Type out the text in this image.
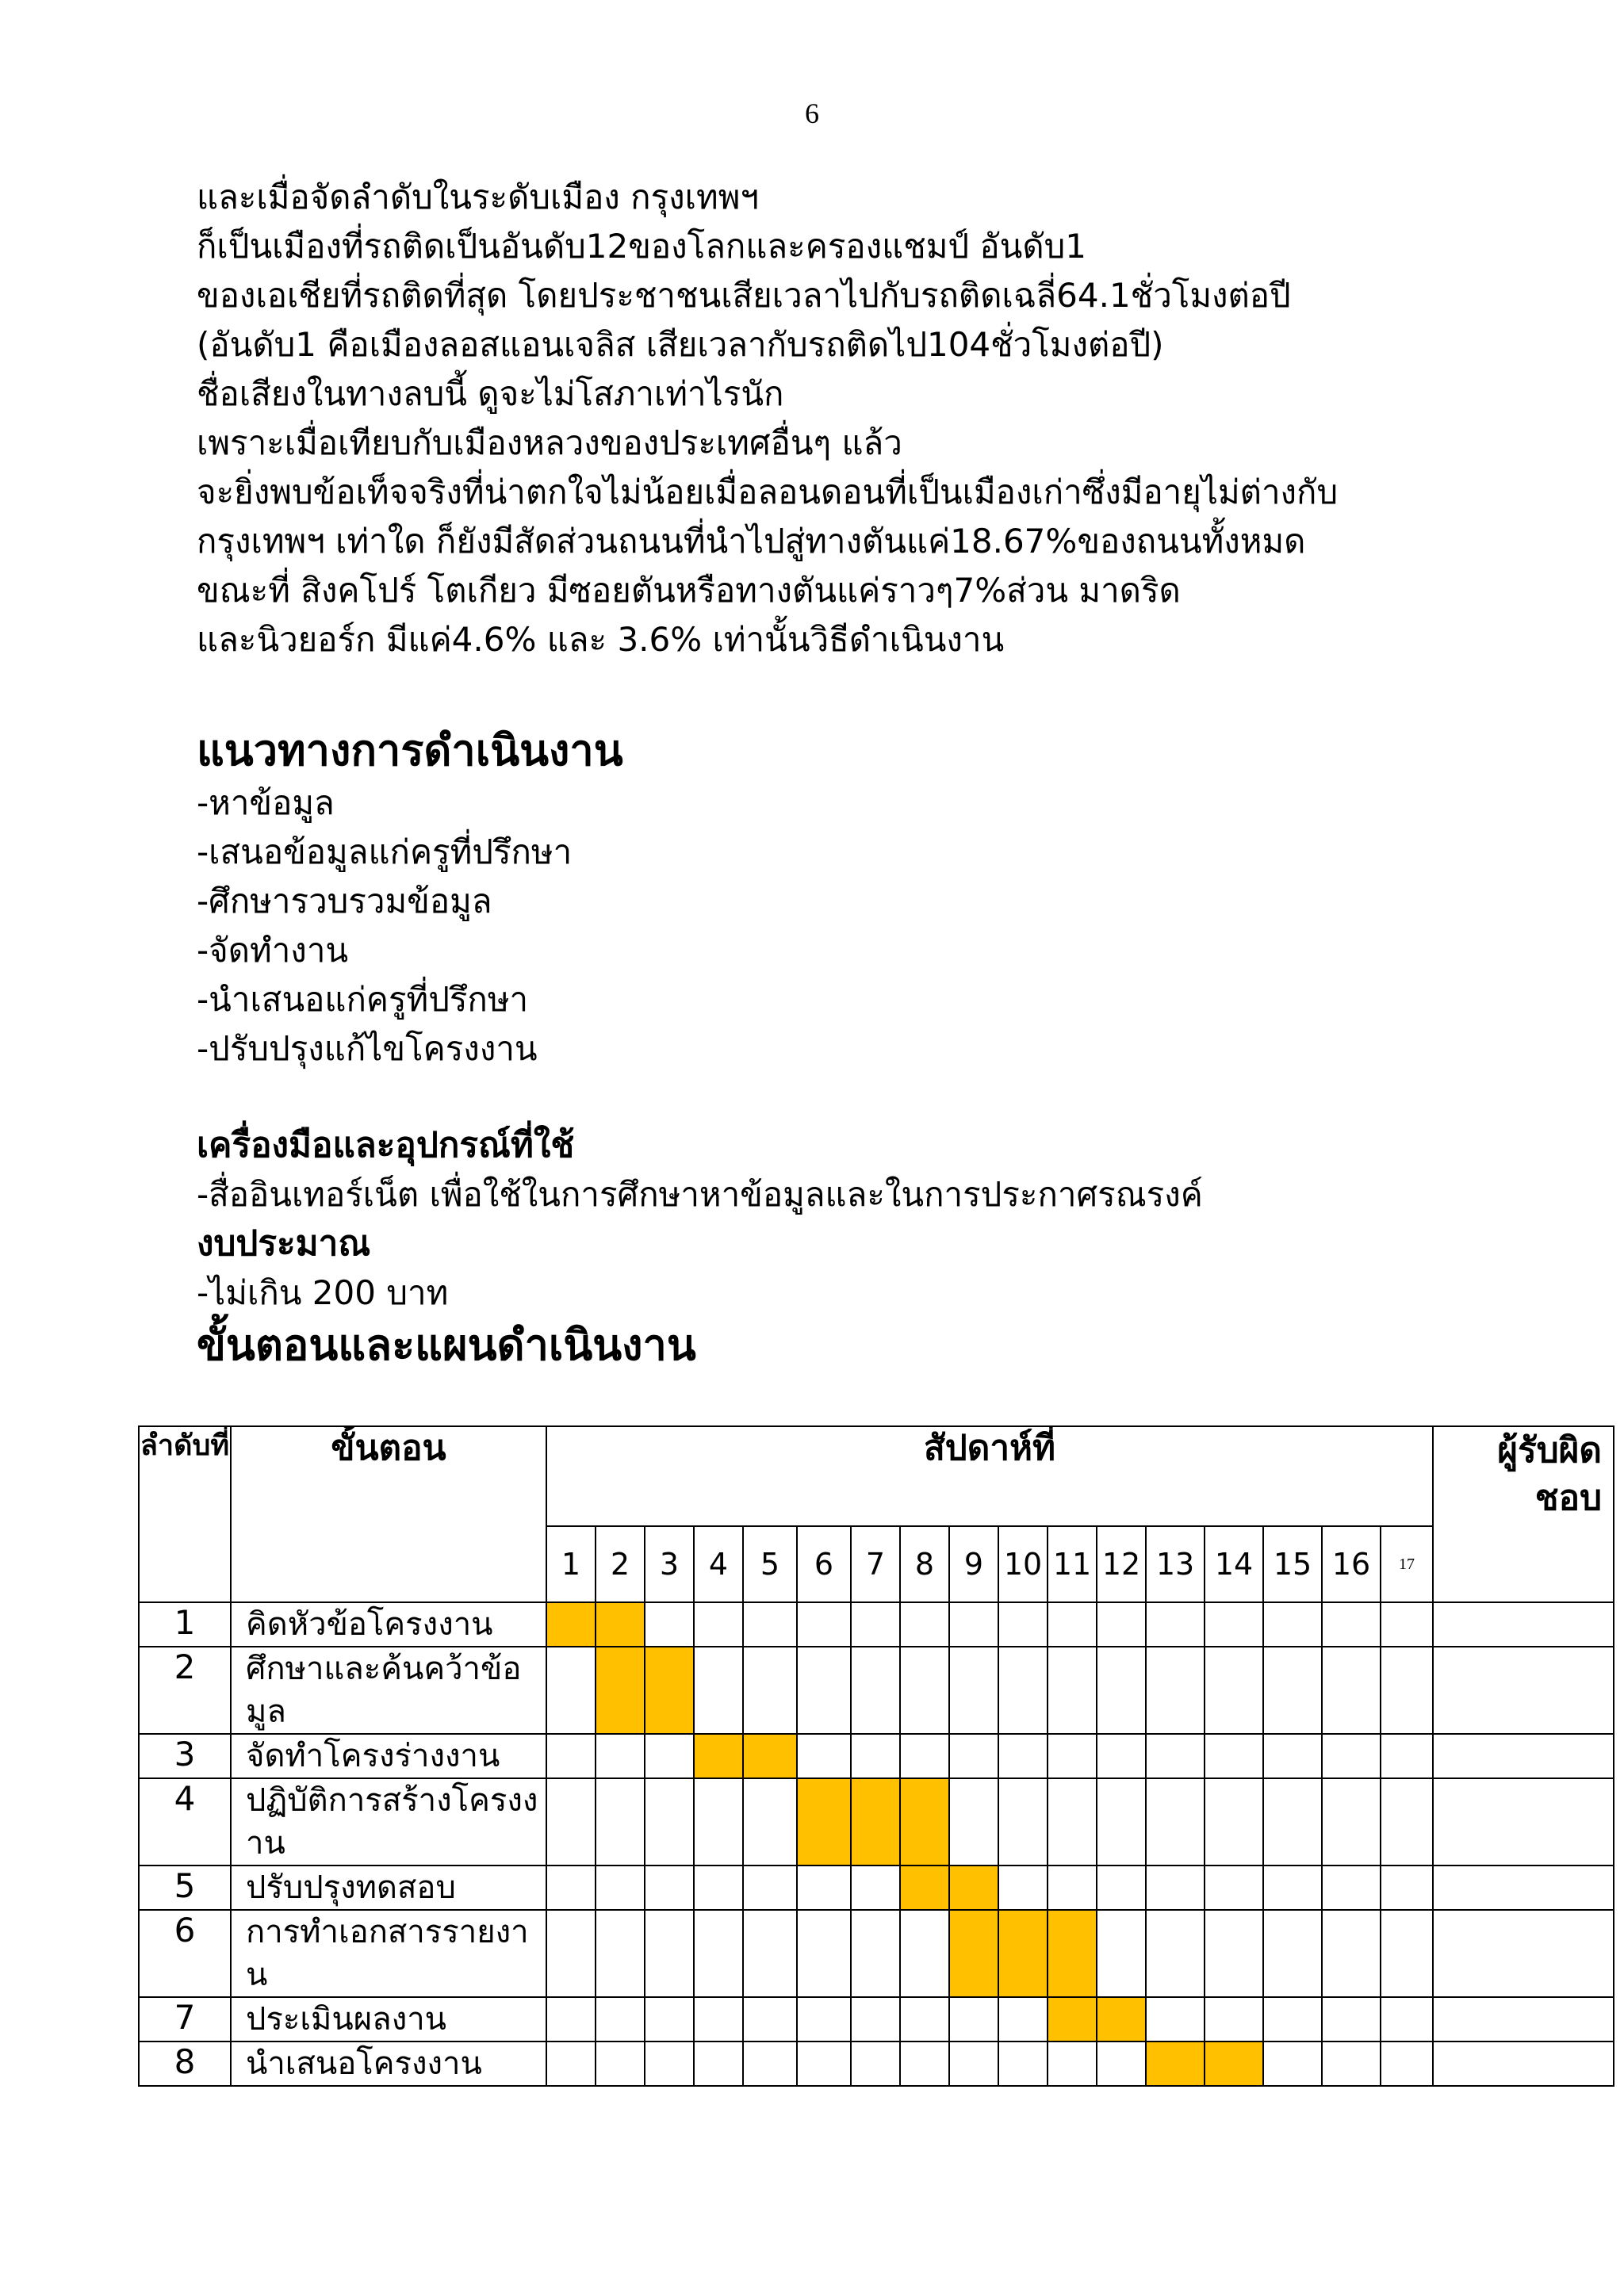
6
และเมื่อจัดลำดับในระดับเมือง กรุงเทพฯ
ก็เป็นเมืองที่รถติดเป็นอันดับ12ของโลกและครองแชมป์ อันดับ1
ของเอเชียที่รถติดที่สุด โดยประชาชนเสียเวลาไปกับรถติดเฉลี่64.1ชั่วโมงต่อปี
(อันดับ1 คือเมืองลอสแอนเจลิส เสียเวลากับรถติดไป104ชั่วโมงต่อปี)
ชื่อเสียงในทางลบนี้ ดูจะไม่โสภาเท่าไรนัก
เพราะเมื่อเทียบกับเมืองหลวงของประเทศอื่นๆ แล้ว
จะยิ่งพบข้อเท็จจริงที่น่าตกใจไม่น้อยเมื่อลอนดอนที่เป็นเมืองเก่าซึ่งมีอายุไม่ต่างกับ
กรุงเทพฯ เท่าใด ก็ยังมีสัดส่วนถนนที่นำไปสู่ทางตันแค่18.67%ของถนนทั้งหมด
ขณะที่ สิงคโปร์ โตเกียว มีซอยตันหรือทางตันแค่ราวๆ7%ส่วน มาดริด
และนิวยอร์ก มีแค่4.6% และ 3.6% เท่านั้นวิธีดำเนินงาน
แนวทางการดำเนินงาน
-หาข้อมูล
-เสนอข้อมูลแก่ครูที่ปรึกษา
-ศึกษารวบรวมข้อมูล
-จัดทำงาน
-นำเสนอแก่ครูที่ปรึกษา
-ปรับปรุงแก้ไขโครงงาน
เครื่องมือและอุปกรณ์ที่ใช้
-สื่ออินเทอร์เน็ต เพื่อใช้ในการศึกษาหาข้อมูลและในการประกาศรณรงค์
งบประมาณ
-ไม่เกิน 200 บาท
ขั้นตอนและแผนดำเนินงาน
ลำดับที่	ขั้นตอน	สัปดาห์ที่																	ผู้รับผิดชอบ
		1	2	3	4	5	6	7	8	9	10	11	12	13	14	15	16	17	
1	คิดหัวข้อโครงงาน																		
2	ศึกษาและค้นคว้าข้อมูล																		
3	จัดทำโครงร่างงาน																		
4	ปฏิบัติการสร้างโครงงาน																		
5	ปรับปรุงทดสอบ																		
6	การทำเอกสารรายงาน																		
7	ประเมินผลงาน																		
8	นำเสนอโครงงาน																		
